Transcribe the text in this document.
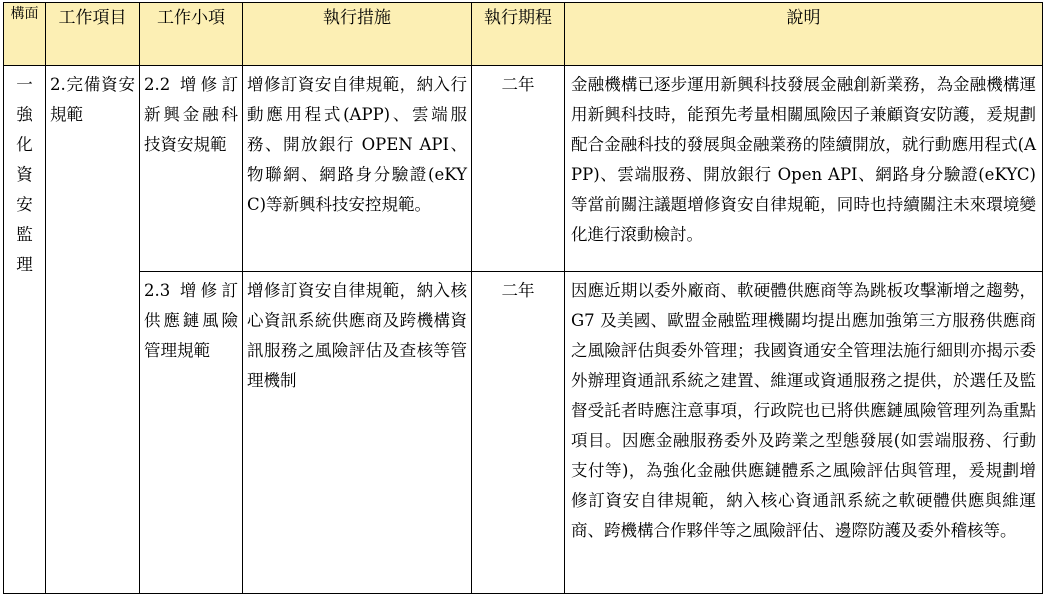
構面	工作項目	工作小項	執行措施	執行期程	說明

一強化資安監理	2.完備資安規範	2.2 增修訂新興金融科技資安規範	增修訂資安自律規範，納入行動應用程式(APP)、雲端服務、開放銀行 OPEN API、物聯網、網路身分驗證(eKYC)等新興科技安控規範。	二年	金融機構已逐步運用新興科技發展金融創新業務，為金融機構運用新興科技時，能預先考量相關風險因子兼顧資安防護，爰規劃配合金融科技的發展與金融業務的陸續開放，就行動應用程式(APP)、雲端服務、開放銀行 Open API、網路身分驗證(eKYC)等當前關注議題增修資安自律規範，同時也持續關注未來環境變化進行滾動檢討。

		2.3 增修訂供應鏈風險管理規範	增修訂資安自律規範，納入核心資訊系統供應商及跨機構資訊服務之風險評估及查核等管理機制	二年	因應近期以委外廠商、軟硬體供應商等為跳板攻擊漸增之趨勢， G7 及美國、歐盟金融監理機關均提出應加強第三方服務供應商之風險評估與委外管理；我國資通安全管理法施行細則亦揭示委外辦理資通訊系統之建置、維運或資通服務之提供，於選任及監督受託者時應注意事項，行政院也已將供應鏈風險管理列為重點項目。因應金融服務委外及跨業之型態發展(如雲端服務、行動支付等)，為強化金融供應鏈體系之風險評估與管理，爰規劃增修訂資安自律規範，納入核心資通訊系統之軟硬體供應與維運商、跨機構合作夥伴等之風險評估、邊際防護及委外稽核等。
